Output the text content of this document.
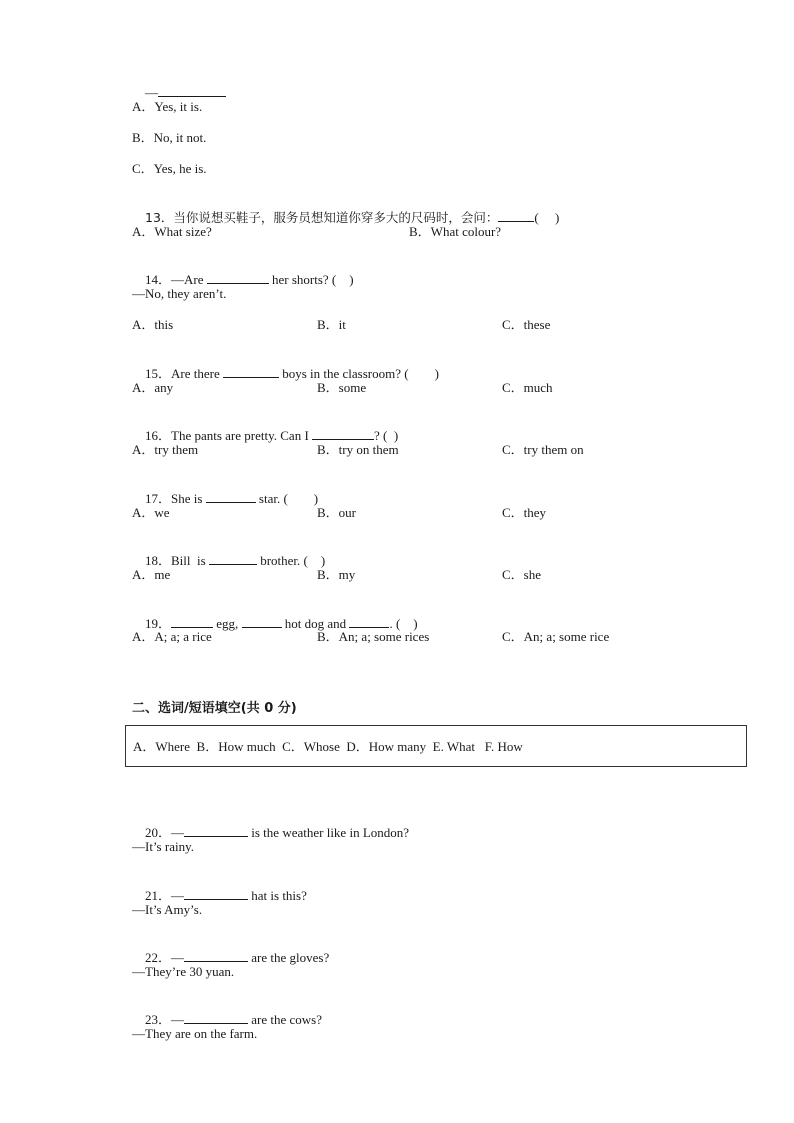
—

A．Yes, it is.
B．No, it not.
C．Yes, he is.

13．当你说想买鞋子，服务员想知道你穿多大的尺码时，会问：	(　 )

A．What size?	B．What colour?

14．—Are	her shorts? (　)

—No, they aren’t.
A．this	B．it	C．these

15．Are there	boys in the classroom? (　　)

A．any	B．some	C．much

16．The pants are pretty. Can I	? (  )

A．try them	B．try on them	C．try them on

17．She is	star. (　　)

A．we	B．our	C．they

18．Bill  is	brother. (　)

A．me	B．my	C．she

19．	egg,	hot dog and	. (　)

A．A; a; a rice	B．An; a; some rices	C．An; a; some rice
二、选词/短语填空(共 0 分)
A．Where  B．How much  C．Whose  D．How many  E. What   F. How

20．—	is the weather like in London?

—It’s rainy.

21．—	hat is this?

—It’s Amy’s.

22．—	are the gloves?

—They’re 30 yuan.

23．—	are the cows?

—They are on the farm.
